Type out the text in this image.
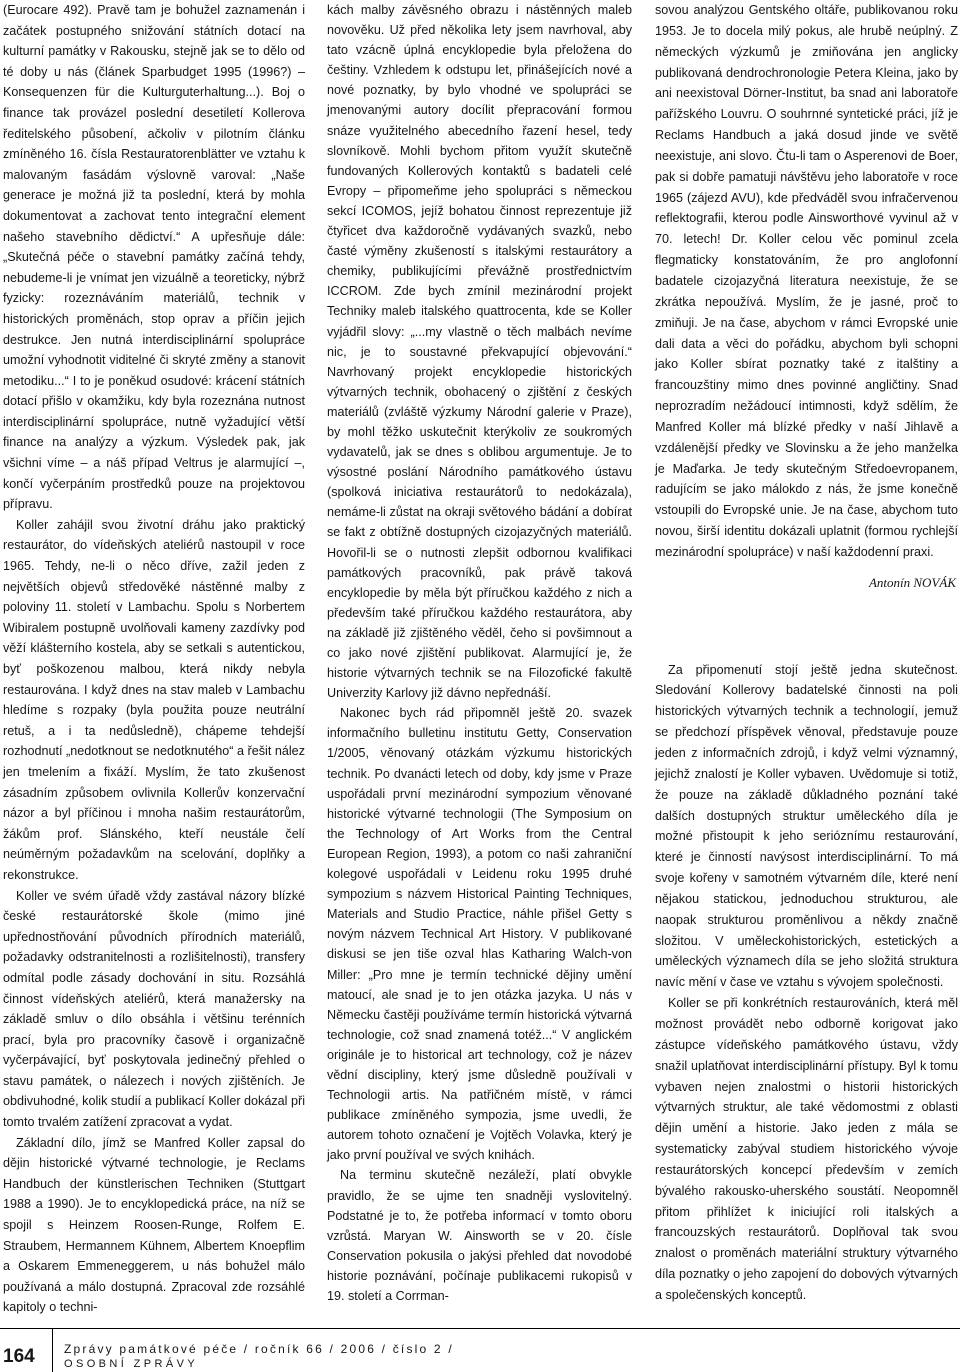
(Eurocare 492). Pravě tam je bohužel zaznamenán i začátek postupného snižování státních dotací na kulturní památky v Rakousku, stejně jak se to dělo od té doby u nás (článek Sparbudget 1995 (1996?) – Konsequenzen für die Kulturguterhaltung...). Boj o finance tak provázel poslední desetiletí Kollerova ředitelského působení, ačkoliv v pilotním článku zmíněného 16. čísla Restauratorenblätter ve vztahu k malovaným fasádám výslovně varoval: „Naše generace je možná již ta poslední, která by mohla dokumentovat a zachovat tento integrační element našeho stavebního dědictví.“ A upřesňuje dále: „Skutečná péče o stavební památky začíná tehdy, nebudeme-li je vnímat jen vizuálně a teoreticky, nýbrž fyzicky: rozeznáváním materiálů, technik v historických proměnách, stop oprav a příčin jejich destrukce. Jen nutná interdisciplinární spolupráce umožní vyhodnotit viditelné či skryté změny a stanovit metodiku...“ I to je poněkud osudové: krácení státních dotací přišlo v okamžiku, kdy byla rozeznána nutnost interdisciplinární spolupráce, nutně vyžadující větší finance na analýzy a výzkum. Výsledek pak, jak všichni víme – a náš případ Veltrus je alarmující –, končí vyčerpáním prostředků pouze na projektovou přípravu.

Koller zahájil svou životní dráhu jako praktický restaurátor, do vídeňských ateliérů nastoupil v roce 1965. Tehdy, ne-li o něco dříve, zažil jeden z největších objevů středověké nástěnné malby z poloviny 11. století v Lambachu. Spolu s Norbertem Wibiralem postupně uvolňovali kameny zazdívky pod věží klášterního kostela, aby se setkali s autentickou, byť poškozenou malbou, která nikdy nebyla restaurována. I když dnes na stav maleb v Lambachu hledíme s rozpaky (byla použita pouze neutrální retuš, a i ta nedůsledně), chápeme tehdejší rozhodnutí „nedotknout se nedotknutého“ a řešit nález jen tmelením a fixáží. Myslím, že tato zkušenost zásadním způsobem ovlivnila Kollerův konzervační názor a byl příčinou i mnoha našim restaurátorům, žákům prof. Slánského, kteří neustále čelí neúměrným požadavkům na scelování, doplňky a rekonstrukce.

Koller ve svém úřadě vždy zastával názory blízké české restaurátorské škole (mimo jiné upřednostňování původních přírodních materiálů, požadavky odstranitelnosti a rozlišitelnosti), transfery odmítal podle zásady dochování in situ. Rozsáhlá činnost vídeňských ateliérů, která manažersky na základě smluv o dílo obsáhla i většinu terénních prací, byla pro pracovníky časově i organizačně vyčerpávající, byť poskytovala jedinečný přehled o stavu památek, o nálezech i nových zjištěních. Je obdivuhodné, kolik studií a publikací Koller dokázal při tomto trvalém zatížení zpracovat a vydat.

Základní dílo, jímž se Manfred Koller zapsal do dějin historické výtvarné technologie, je Reclams Handbuch der künstlerischen Techniken (Stuttgart 1988 a 1990). Je to encyklopedická práce, na níž se spojil s Heinzem Roosen-Runge, Rolfem E. Straubem, Hermannem Kühnem, Albertem Knoepflim a Oskarem Emmeneggerem, u nás bohužel málo používaná a málo dostupná. Zpracoval zde rozsáhlé kapitoly o techni-

kách malby závěsného obrazu i nástěnných maleb novověku. Už před několika lety jsem navrhoval, aby tato vzácně úplná encyklopedie byla přeložena do češtiny. Vzhledem k odstupu let, přinášejících nové a nové poznatky, by bylo vhodné ve spolupráci se jmenovanými autory docílit přepracování formou snáze využitelného abecedního řazení hesel, tedy slovníkově. Mohli bychom přitom využít skutečně fundovaných Kollerových kontaktů s badateli celé Evropy – připomeňme jeho spolupráci s německou sekcí ICOMOS, jejíž bohatou činnost reprezentuje již čtyřicet dva každoročně vydávaných svazků, nebo časté výměny zkušeností s italskými restaurátory a chemiky, publikujícími převážně prostřednictvím ICCROM. Zde bych zmínil mezinárodní projekt Techniky maleb italského quattrocenta, kde se Koller vyjádřil slovy: „...my vlastně o těch malbách nevíme nic, je to soustavné překvapující objevování.“ Navrhovaný projekt encyklopedie historických výtvarných technik, obohacený o zjištění z českých materiálů (zvláště výzkumy Národní galerie v Praze), by mohl těžko uskutečnit kterýkoliv ze soukromých vydavatelů, jak se dnes s oblibou argumentuje. Je to výsostné poslání Národního památkového ústavu (spolková iniciativa restaurátorů to nedokázala), nemáme-li zůstat na okraji světového bádání a dobírat se fakt z obtížně dostupných cizojazyčných materiálů. Hovořil-li se o nutnosti zlepšit odbornou kvalifikaci památkových pracovníků, pak právě taková encyklopedie by měla být příručkou každého z nich a především také příručkou každého restaurátora, aby na základě již zjištěného věděl, čeho si povšimnout a co jako nové zjištění publikovat. Alarmující je, že historie výtvarných technik se na Filozofické fakultě Univerzity Karlovy již dávno nepřednáší.

Nakonec bych rád připomněl ještě 20. svazek informačního bulletinu institutu Getty, Conservation 1/2005, věnovaný otázkám výzkumu historických technik. Po dvanácti letech od doby, kdy jsme v Praze uspořádali první mezinárodní sympozium věnované historické výtvarné technologii (The Symposium on the Technology of Art Works from the Central European Region, 1993), a potom co naši zahraniční kolegové uspořádali v Leidenu roku 1995 druhé sympozium s názvem Historical Painting Techniques, Materials and Studio Practice, náhle přišel Getty s novým názvem Technical Art History. V publikované diskusi se jen tiše ozval hlas Katharing Walch-von Miller: „Pro mne je termín technické dějiny umění matoucí, ale snad je to jen otázka jazyka. U nás v Německu častěji používáme termín historická výtvarná technologie, což snad znamená totéž...“ V anglickém originále je to historical art technology, což je název vědní discipliny, který jsme důsledně používali v Technologii artis. Na patřičném místě, v rámci publikace zmíněného sympozia, jsme uvedli, že autorem tohoto označení je Vojtěch Volavka, který je jako první používal ve svých knihách.

Na terminu skutečně nezáleží, platí obvykle pravidlo, že se ujme ten snadněji vyslovitelný. Podstatné je to, že potřeba informací v tomto oboru vzrůstá. Maryan W. Ainsworth se v 20. čísle Conservation pokusila o jakýsi přehled dat novodobé historie poznávání, počínaje publikacemi rukopisů v 19. století a Corrman-

sovou analýzou Gentského oltáře, publikovanou roku 1953. Je to docela milý pokus, ale hrubě neúplný. Z německých výzkumů je zmiňována jen anglicky publikovaná dendrochronologie Petera Kleina, jako by ani neexistoval Dörner-Institut, ba snad ani laboratoře pařížského Louvru. O souhrnné syntetické práci, jíž je Reclams Handbuch a jaká dosud jinde ve světě neexistuje, ani slovo. Čtu-li tam o Asperenovi de Boer, pak si dobře pamatuji návštěvu jeho laboratoře v roce 1965 (zájezd AVU), kde předváděl svou infračervenou reflektografii, kterou podle Ainsworthové vyvinul až v 70. letech! Dr. Koller celou věc pominul zcela flegmaticky konstatováním, že pro anglofonní badatele cizojazyčná literatura neexistuje, že se zkrátka nepoužívá. Myslím, že je jasné, proč to zmiňuji. Je na čase, abychom v rámci Evropské unie dali data a věci do pořádku, abychom byli schopni jako Koller sbírat poznatky také z italštiny a francouzštiny mimo dnes povinné angličtiny. Snad neprozradím nežádoucí intimnosti, když sdělím, že Manfred Koller má blízké předky v naší Jihlavě a vzdálenější předky ve Slovinsku a že jeho manželka je Maďarka. Je tedy skutečným Středoevropanem, radujícím se jako málokdo z nás, že jsme konečně vstoupili do Evropské unie. Je na čase, abychom tuto novou, širší identitu dokázali uplatnit (formou rychlejší mezinárodní spolupráce) v naší každodenní praxi.

Antonín NOVÁK

Za připomenutí stojí ještě jedna skutečnost. Sledování Kollerovy badatelské činnosti na poli historických výtvarných technik a technologií, jemuž se předchozí příspěvek věnoval, představuje pouze jeden z informačních zdrojů, i když velmi významný, jejichž znalostí je Koller vybaven. Uvědomuje si totiž, že pouze na základě důkladného poznání také dalších dostupných struktur uměleckého díla je možné přistoupit k jeho serióznímu restaurování, které je činností navýsost interdisciplinární. To má svoje kořeny v samotném výtvarném díle, které není nějakou statickou, jednoduchou strukturou, ale naopak strukturou proměnlivou a někdy značně složitou. V uměleckohistorických, estetických a uměleckých významech díla se jeho složitá struktura navíc mění v čase ve vztahu s vývojem společnosti.

Koller se při konkrétních restaurováních, která měl možnost provádět nebo odborně korigovat jako zástupce vídeňského památkového ústavu, vždy snažil uplatňovat interdisciplinární přístupy. Byl k tomu vybaven nejen znalostmi o historii historických výtvarných struktur, ale také vědomostmi z oblasti dějin umění a historie. Jako jeden z mála se systematicky zabýval studiem historického vývoje restaurátorských koncepcí především v zemích bývalého rakousko-uherského soustátí. Neopomněl přitom přihlížet k iniciující roli italských a francouzských restaurátorů. Doplňoval tak svou znalost o proměnách materiální struktury výtvarného díla poznatky o jeho zapojení do dobových výtvarných a společenských konceptů.

164 Zprávy památkové péče / ročník 66 / 2006 / číslo 2 /
OSOBNÍ ZPRÁVY
